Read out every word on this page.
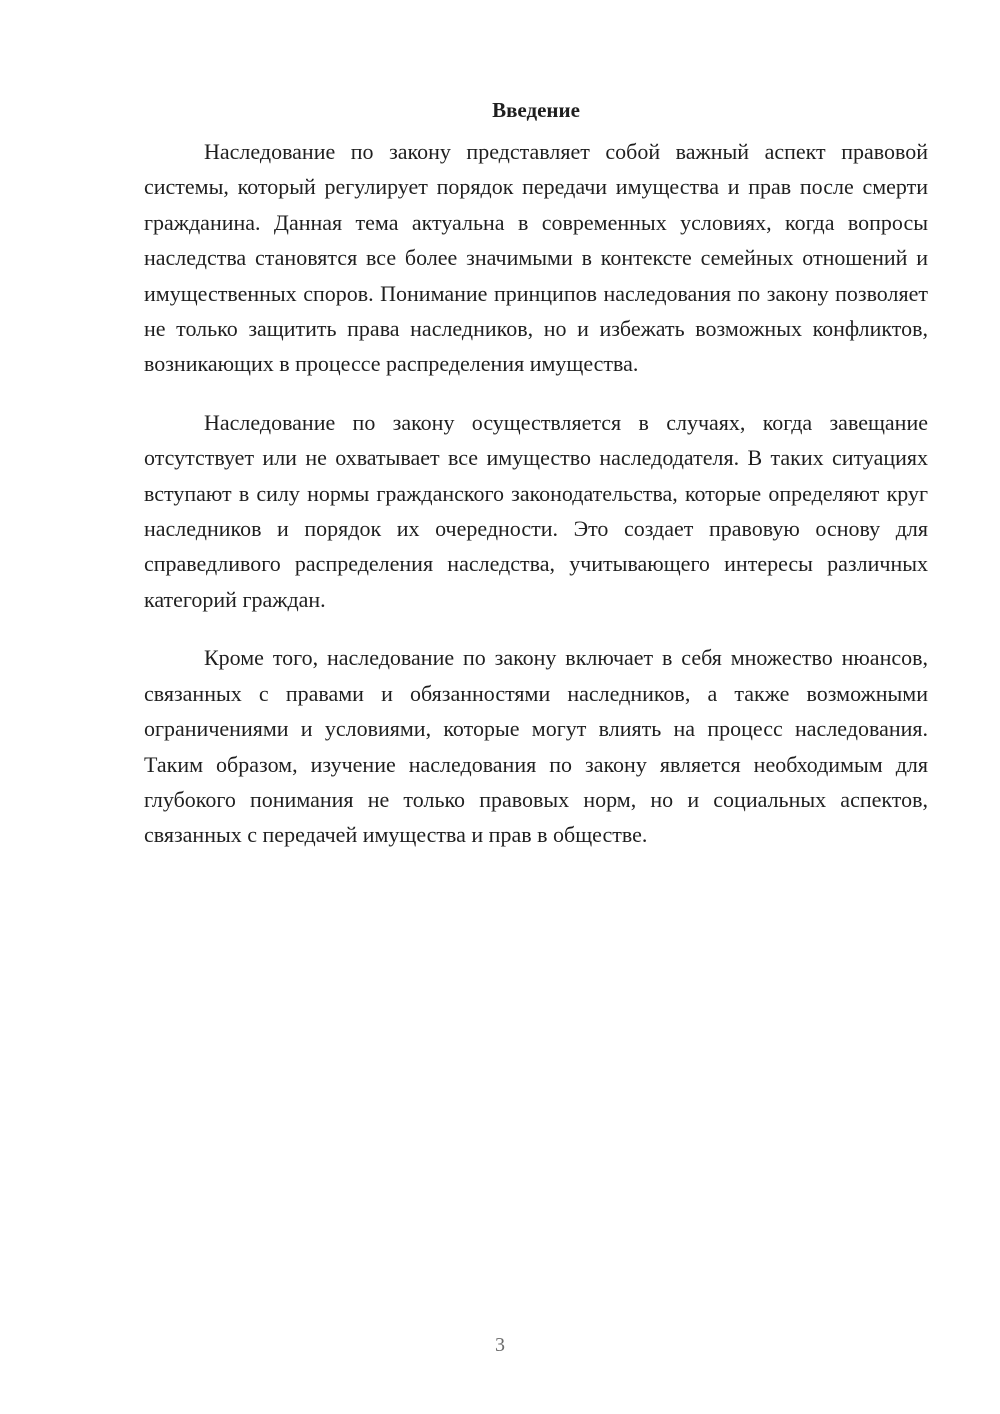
Введение

Наследование по закону представляет собой важный аспект правовой системы, который регулирует порядок передачи имущества и прав после смерти гражданина. Данная тема актуальна в современных условиях, когда вопросы наследства становятся все более значимыми в контексте семейных отношений и имущественных споров. Понимание принципов наследования по закону позволяет не только защитить права наследников, но и избежать возможных конфликтов, возникающих в процессе распределения имущества.

Наследование по закону осуществляется в случаях, когда завещание отсутствует или не охватывает все имущество наследодателя. В таких ситуациях вступают в силу нормы гражданского законодательства, которые определяют круг наследников и порядок их очередности. Это создает правовую основу для справедливого распределения наследства, учитывающего интересы различных категорий граждан.

Кроме того, наследование по закону включает в себя множество нюансов, связанных с правами и обязанностями наследников, а также возможными ограничениями и условиями, которые могут влиять на процесс наследования. Таким образом, изучение наследования по закону является необходимым для глубокого понимания не только правовых норм, но и социальных аспектов, связанных с передачей имущества и прав в обществе.

3
